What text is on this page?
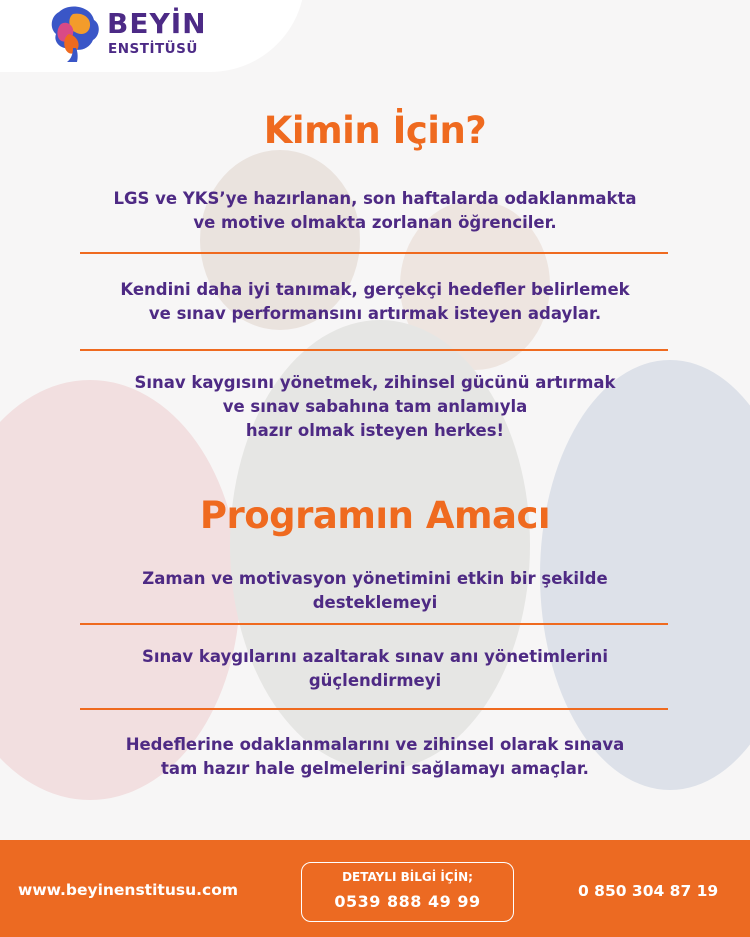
BEYİN
ENSTİTÜSÜ
Kimin İçin?
LGS ve YKS’ye hazırlanan, son haftalarda odaklanmakta
ve motive olmakta zorlanan öğrenciler.
Kendini daha iyi tanımak, gerçekçi hedefler belirlemek
ve sınav performansını artırmak isteyen adaylar.
Sınav kaygısını yönetmek, zihinsel gücünü artırmak
ve sınav sabahına tam anlamıyla
hazır olmak isteyen herkes!
Programın Amacı
Zaman ve motivasyon yönetimini etkin bir şekilde
desteklemeyi
Sınav kaygılarını azaltarak sınav anı yönetimlerini
güçlendirmeyi
Hedeflerine odaklanmalarını ve zihinsel olarak sınava
tam hazır hale gelmelerini sağlamayı amaçlar.
www.beyinenstitusu.com
DETAYLI BİLGİ İÇİN;
0539 888 49 99
0 850 304 87 19
